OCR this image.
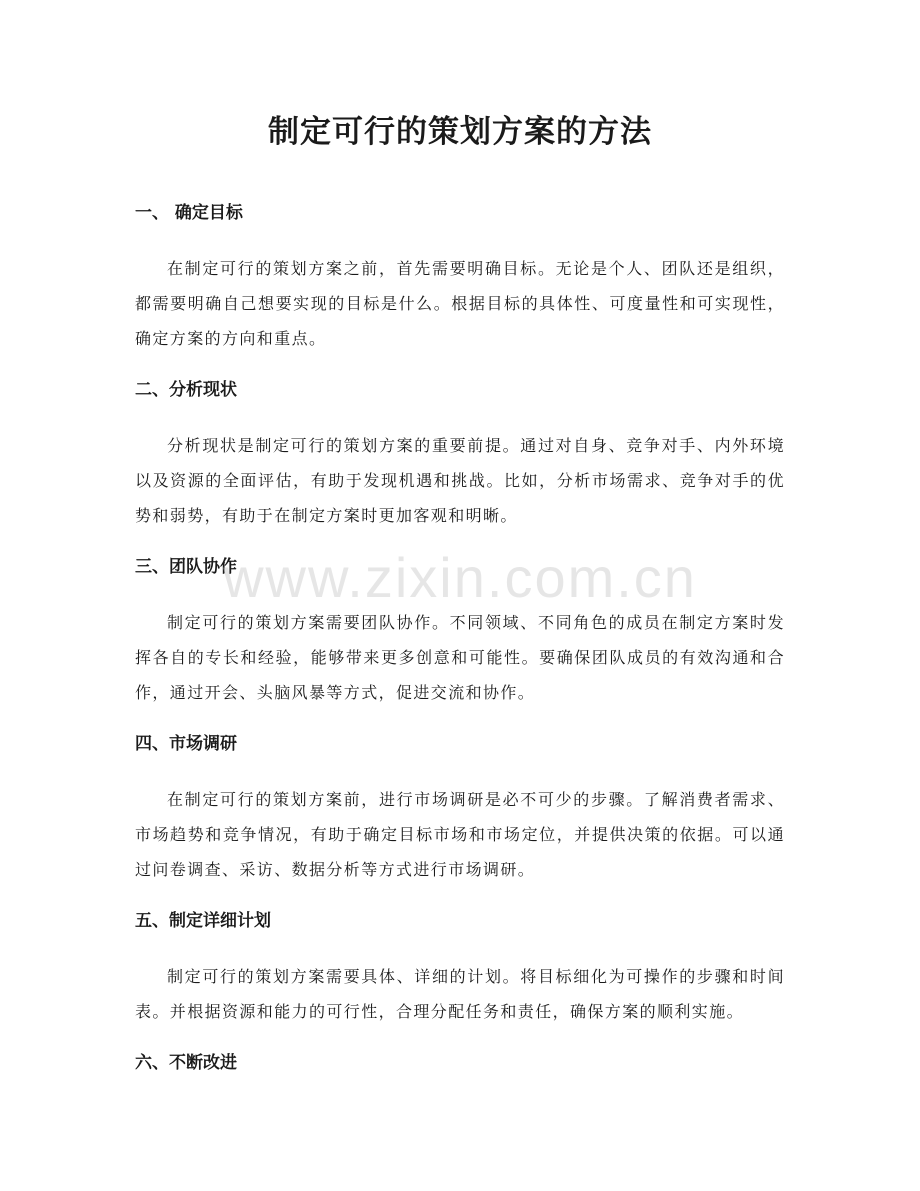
制定可行的策划方案的方法
一、 确定目标

在制定可行的策划方案之前，首先需要明确目标。无论是个人、团队还是组织，都需要明确自己想要实现的目标是什么。根据目标的具体性、可度量性和可实现性，确定方案的方向和重点。

二、分析现状

分析现状是制定可行的策划方案的重要前提。通过对自身、竞争对手、内外环境以及资源的全面评估，有助于发现机遇和挑战。比如，分析市场需求、竞争对手的优势和弱势，有助于在制定方案时更加客观和明晰。

三、团队协作

制定可行的策划方案需要团队协作。不同领域、不同角色的成员在制定方案时发挥各自的专长和经验，能够带来更多创意和可能性。要确保团队成员的有效沟通和合作，通过开会、头脑风暴等方式，促进交流和协作。

四、市场调研

在制定可行的策划方案前，进行市场调研是必不可少的步骤。了解消费者需求、市场趋势和竞争情况，有助于确定目标市场和市场定位，并提供决策的依据。可以通过问卷调查、采访、数据分析等方式进行市场调研。

五、制定详细计划

制定可行的策划方案需要具体、详细的计划。将目标细化为可操作的步骤和时间表。并根据资源和能力的可行性，合理分配任务和责任，确保方案的顺利实施。

六、不断改进
www.zixin.com.cn
